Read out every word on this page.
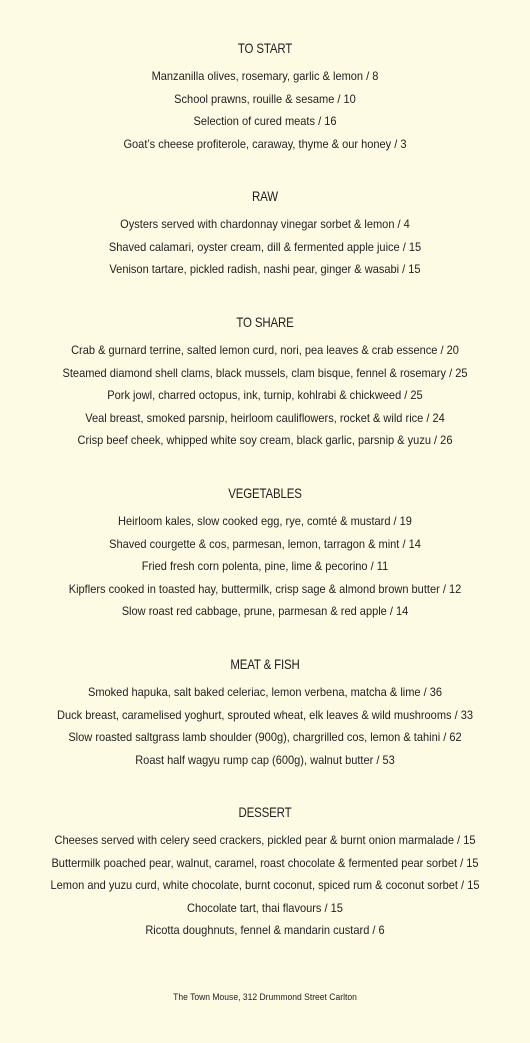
TO START
Manzanilla olives, rosemary, garlic & lemon / 8
School prawns, rouille & sesame / 10
Selection of cured meats / 16
Goat’s cheese profiterole, caraway, thyme & our honey / 3
RAW
Oysters served with chardonnay vinegar sorbet & lemon / 4
Shaved calamari, oyster cream, dill & fermented apple juice / 15
Venison tartare, pickled radish, nashi pear, ginger & wasabi / 15
TO SHARE
Crab & gurnard terrine, salted lemon curd, nori, pea leaves & crab essence / 20
Steamed diamond shell clams, black mussels, clam bisque, fennel & rosemary / 25
Pork jowl, charred octopus, ink, turnip, kohlrabi & chickweed / 25
Veal breast, smoked parsnip, heirloom cauliflowers, rocket & wild rice / 24
Crisp beef cheek, whipped white soy cream, black garlic, parsnip & yuzu / 26
VEGETABLES
Heirloom kales, slow cooked egg, rye, comté & mustard / 19
Shaved courgette & cos, parmesan, lemon, tarragon & mint / 14
Fried fresh corn polenta, pine, lime & pecorino / 11
Kipflers cooked in toasted hay, buttermilk, crisp sage & almond brown butter / 12
Slow roast red cabbage, prune, parmesan & red apple / 14
MEAT & FISH
Smoked hapuka, salt baked celeriac, lemon verbena, matcha & lime / 36
Duck breast, caramelised yoghurt, sprouted wheat, elk leaves & wild mushrooms / 33
Slow roasted saltgrass lamb shoulder (900g), chargrilled cos, lemon & tahini / 62
Roast half wagyu rump cap (600g), walnut butter / 53
DESSERT
Cheeses served with celery seed crackers, pickled pear & burnt onion marmalade / 15
Buttermilk poached pear, walnut, caramel, roast chocolate & fermented pear sorbet / 15
Lemon and yuzu curd, white chocolate, burnt coconut, spiced rum & coconut sorbet / 15
Chocolate tart, thai flavours / 15
Ricotta doughnuts, fennel & mandarin custard / 6
The Town Mouse, 312 Drummond Street Carlton
